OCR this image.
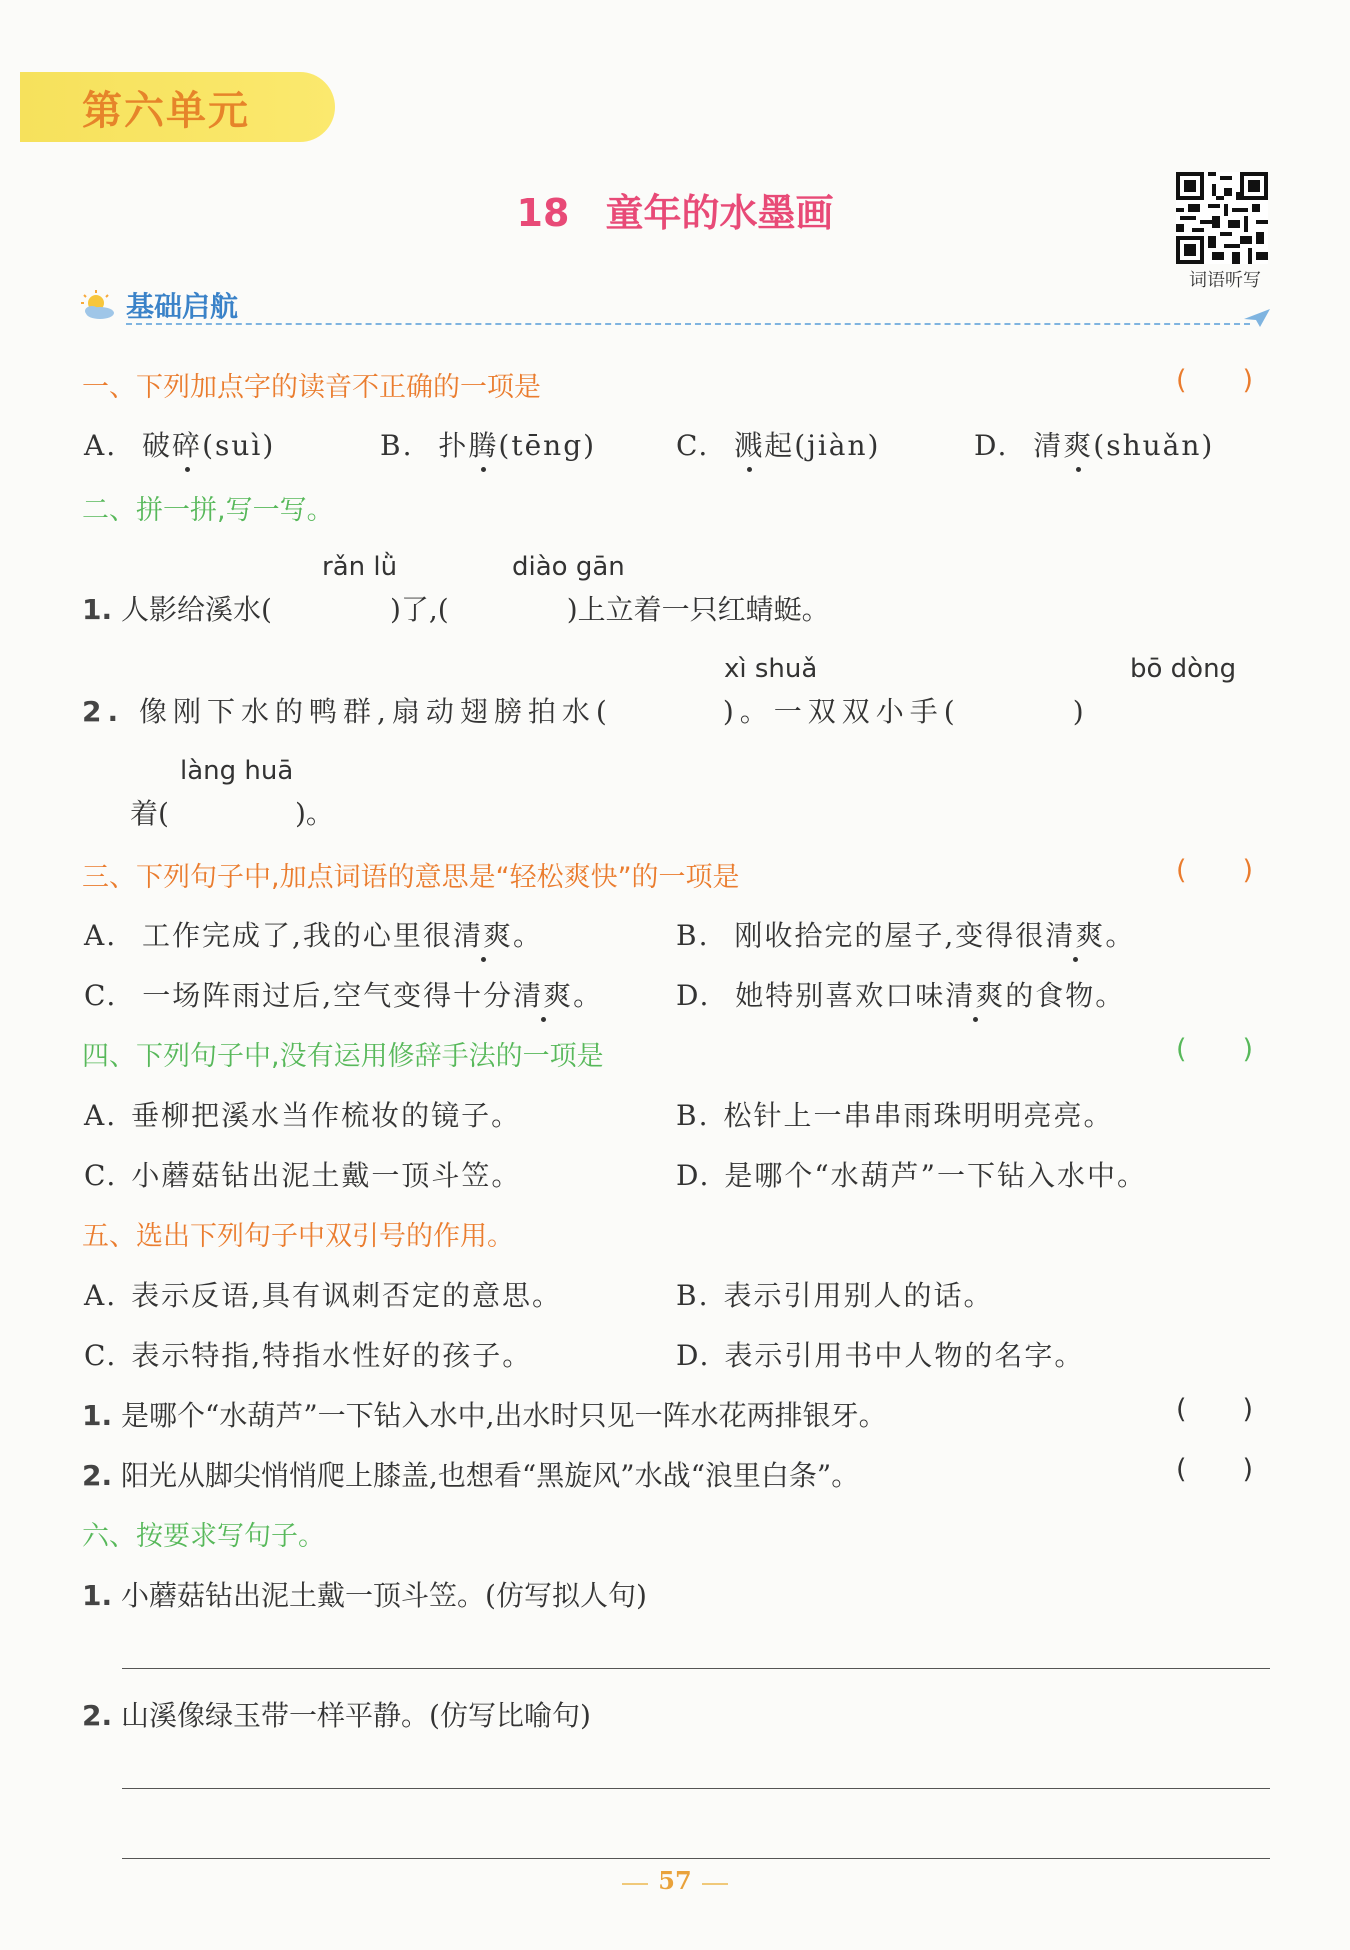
第六单元
18 童年的水墨画
词语听写
基础启航
一、下列加点字的读音不正确的一项是	()
A. 破碎(suì)	B. 扑腾(tēng)	C. 溅起(jiàn)	D. 清爽(shuǎn)
二、拼一拼,写一写。
rǎn lǜ	diào gān
1. 人影给溪水(	)了,(	)上立着一只红蜻蜓。
xì shuǎ	bō dòng
2. 像刚下水的鸭群,扇动翅膀拍水(	)。一双双小手(	)
làng huā
着(	)。
三、下列句子中,加点词语的意思是“轻松爽快”的一项是	()
A. 工作完成了,我的心里很清爽。	B. 刚收拾完的屋子,变得很清爽。
C. 一场阵雨过后,空气变得十分清爽。	D. 她特别喜欢口味清爽的食物。
四、下列句子中,没有运用修辞手法的一项是	()
A. 垂柳把溪水当作梳妆的镜子。	B. 松针上一串串雨珠明明亮亮。
C. 小蘑菇钻出泥土戴一顶斗笠。	D. 是哪个“水葫芦”一下钻入水中。
五、选出下列句子中双引号的作用。
A. 表示反语,具有讽刺否定的意思。	B. 表示引用别人的话。
C. 表示特指,特指水性好的孩子。	D. 表示引用书中人物的名字。
1. 是哪个“水葫芦”一下钻入水中,出水时只见一阵水花两排银牙。	()
2. 阳光从脚尖悄悄爬上膝盖,也想看“黑旋风”水战“浪里白条”。	()
六、按要求写句子。
1. 小蘑菇钻出泥土戴一顶斗笠。(仿写拟人句)
2. 山溪像绿玉带一样平静。(仿写比喻句)
57
